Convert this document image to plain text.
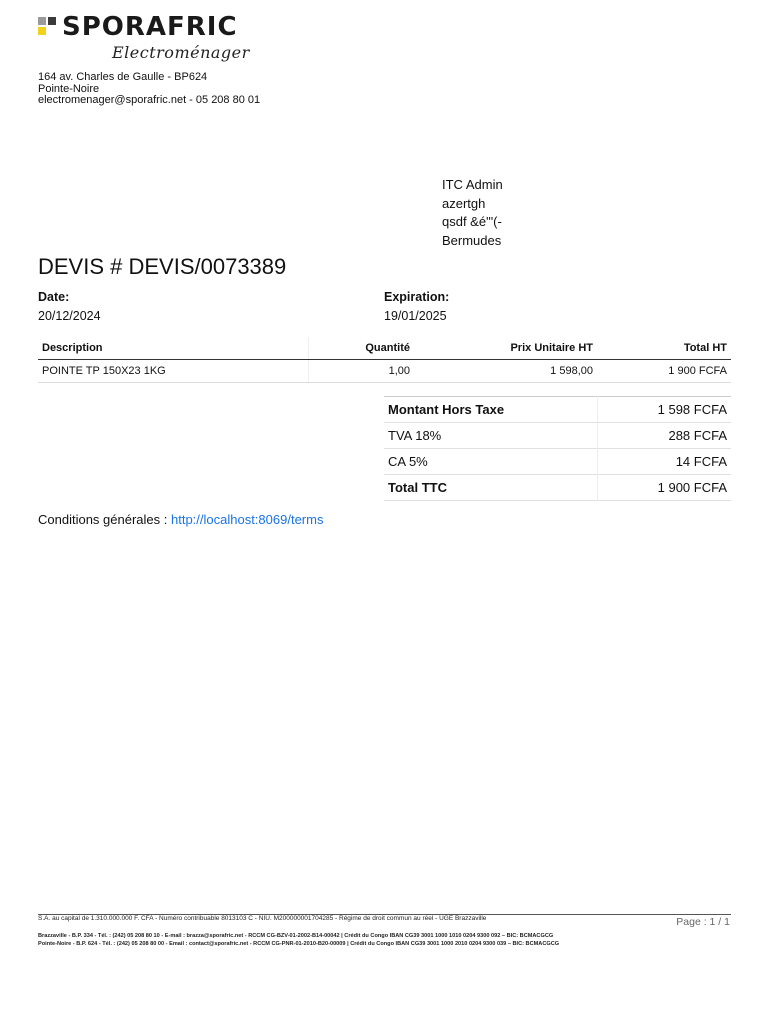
SPORAFRIC
Electroménager
164 av. Charles de Gaulle - BP624
Pointe-Noire
electromenager@sporafric.net - 05 208 80 01
ITC Admin
azertgh
qsdf &é"'(-
Bermudes
DEVIS # DEVIS/0073389
Date:
20/12/2024
Expiration:
19/01/2025
Description	Quantité	Prix Unitaire HT	Total HT
POINTE TP 150X23 1KG	1,00	1 598,00	1 900 FCFA
Montant Hors Taxe	1 598 FCFA
TVA 18%	288 FCFA
CA 5%	14 FCFA
Total TTC	1 900 FCFA
Conditions générales : http://localhost:8069/terms
S.A. au capital de 1.310.000.000 F. CFA - Numéro contribuable 8013103 C - NIU. M200000001704285 - Régime de droit commun au réel - UGE Brazzaville	Page : 1 / 1
Brazzaville - B.P. 334 - Tél. : (242) 05 208 80 10 - E-mail : brazza@sporafric.net - RCCM CG-BZV-01-2002-B14-00042 | Crédit du Congo IBAN CG39 3001 1000 1010 0204 9300 092 – BIC: BCMACGCG
Pointe-Noire - B.P. 624 - Tél. : (242) 05 208 80 00 - Email : contact@sporafric.net - RCCM CG-PNR-01-2010-B20-00009 | Crédit du Congo IBAN CG39 3001 1000 2010 0204 9300 039 – BIC: BCMACGCG
